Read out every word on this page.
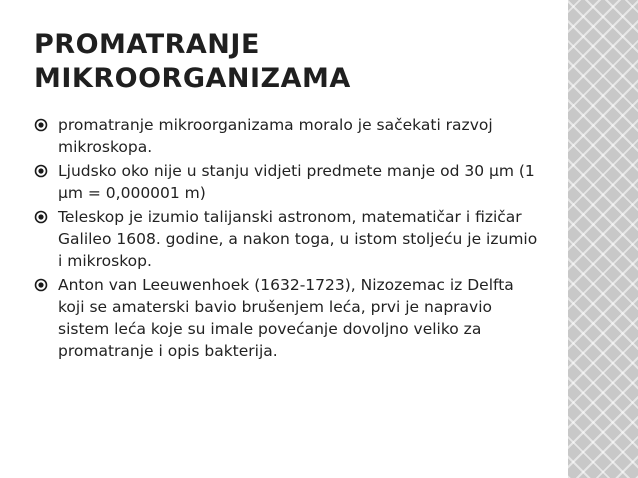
PROMATRANJE
MIKROORGANIZAMA
promatranje mikroorganizama moralo je sačekati razvoj mikroskopa.
Ljudsko oko nije u stanju vidjeti predmete manje od 30 µm (1 µm = 0,000001 m)
Teleskop je izumio talijanski astronom, matematičar i fizičar Galileo 1608. godine, a nakon toga, u istom stoljeću je izumio i mikroskop.
Anton van Leeuwenhoek (1632-1723), Nizozemac iz Delfta koji se amaterski bavio brušenjem leća, prvi je napravio sistem leća koje su imale povećanje dovoljno veliko za promatranje i opis bakterija.
